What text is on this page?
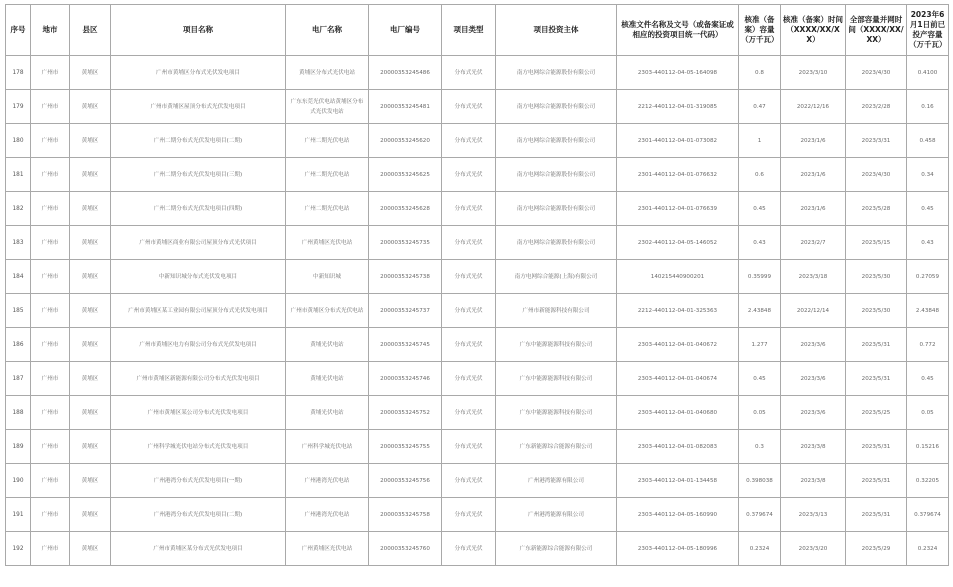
序号	地市	县区	项目名称	电厂名称	电厂编号	项目类型	项目投资主体	核准文件名称及文号（或备案证或相应的投资项目统一代码）	核准（备案）容量（万千瓦）	核准（备案）时间（XXXX/XX/XX）	全部容量并网时间（XXXX/XX/XX）	2023年6月1日前已投产容量（万千瓦）
178	广州市	黄埔区	广州市黄埔区分布式光伏发电项目	黄埔区分布式光伏电站	20000353245486	分布式光伏	南方电网综合能源股份有限公司	2303-440112-04-05-164098	0.8	2023/3/10	2023/4/30	0.4100
179	广州市	黄埔区	广州市黄埔区屋顶分布式光伏发电项目	广东东莞光伏电站黄埔区分布式光伏发电站	20000353245481	分布式光伏	南方电网综合能源股份有限公司	2212-440112-04-01-319085	0.47	2022/12/16	2023/2/28	0.16
180	广州市	黄埔区	广州二期分布式光伏发电项目(二期)	广州二期光伏电站	20000353245620	分布式光伏	南方电网综合能源股份有限公司	2301-440112-04-01-073082	1	2023/1/6	2023/3/31	0.458
181	广州市	黄埔区	广州二期分布式光伏发电项目(三期)	广州二期光伏电站	20000353245625	分布式光伏	南方电网综合能源股份有限公司	2301-440112-04-01-076632	0.6	2023/1/6	2023/4/30	0.34
182	广州市	黄埔区	广州二期分布式光伏发电项目(四期)	广州二期光伏电站	20000353245628	分布式光伏	南方电网综合能源股份有限公司	2301-440112-04-01-076639	0.45	2023/1/6	2023/5/28	0.45
183	广州市	黄埔区	广州市黄埔区商业有限公司屋顶分布式光伏项目	广州黄埔区光伏电站	20000353245735	分布式光伏	南方电网综合能源股份有限公司	2302-440112-04-05-146052	0.43	2023/2/7	2023/5/15	0.43
184	广州市	黄埔区	中新知识城分布式光伏发电项目	中新知识城	20000353245738	分布式光伏	南方电网综合能源(上海)有限公司	140215440900201	0.35999	2023/3/18	2023/5/30	0.27059
185	广州市	黄埔区	广州市黄埔区某工业园有限公司屋顶分布式光伏发电项目	广州市黄埔区分布式光伏电站	20000353245737	分布式光伏	广州市新能源科技有限公司	2212-440112-04-01-325363	2.43848	2022/12/14	2023/5/30	2.43848
186	广州市	黄埔区	广州市黄埔区电力有限公司分布式光伏发电项目	黄埔光伏电站	20000353245745	分布式光伏	广东中能源能源科技有限公司	2303-440112-04-01-040672	1.277	2023/3/6	2023/5/31	0.772
187	广州市	黄埔区	广州市黄埔区新能源有限公司分布式光伏发电项目	黄埔光伏电站	20000353245746	分布式光伏	广东中能源能源科技有限公司	2303-440112-04-01-040674	0.45	2023/3/6	2023/5/31	0.45
188	广州市	黄埔区	广州市黄埔区某公司分布式光伏发电项目	黄埔光伏电站	20000353245752	分布式光伏	广东中能源能源科技有限公司	2303-440112-04-01-040680	0.05	2023/3/6	2023/5/25	0.05
189	广州市	黄埔区	广州科学城光伏电站分布式光伏发电项目	广州科学城光伏电站	20000353245755	分布式光伏	广东新能源综合能源有限公司	2303-440112-04-01-082083	0.3	2023/3/8	2023/5/31	0.15216
190	广州市	黄埔区	广州港湾分布式光伏发电项目(一期)	广州港湾光伏电站	20000353245756	分布式光伏	广州港湾能源有限公司	2303-440112-04-01-134458	0.398038	2023/3/8	2023/5/31	0.32205
191	广州市	黄埔区	广州港湾分布式光伏发电项目(二期)	广州港湾光伏电站	20000353245758	分布式光伏	广州港湾能源有限公司	2303-440112-04-05-160990	0.379674	2023/3/13	2023/5/31	0.379674
192	广州市	黄埔区	广州市黄埔区某分布式光伏发电项目	广州黄埔区光伏电站	20000353245760	分布式光伏	广东新能源综合能源有限公司	2303-440112-04-05-180996	0.2324	2023/3/20	2023/5/29	0.2324
